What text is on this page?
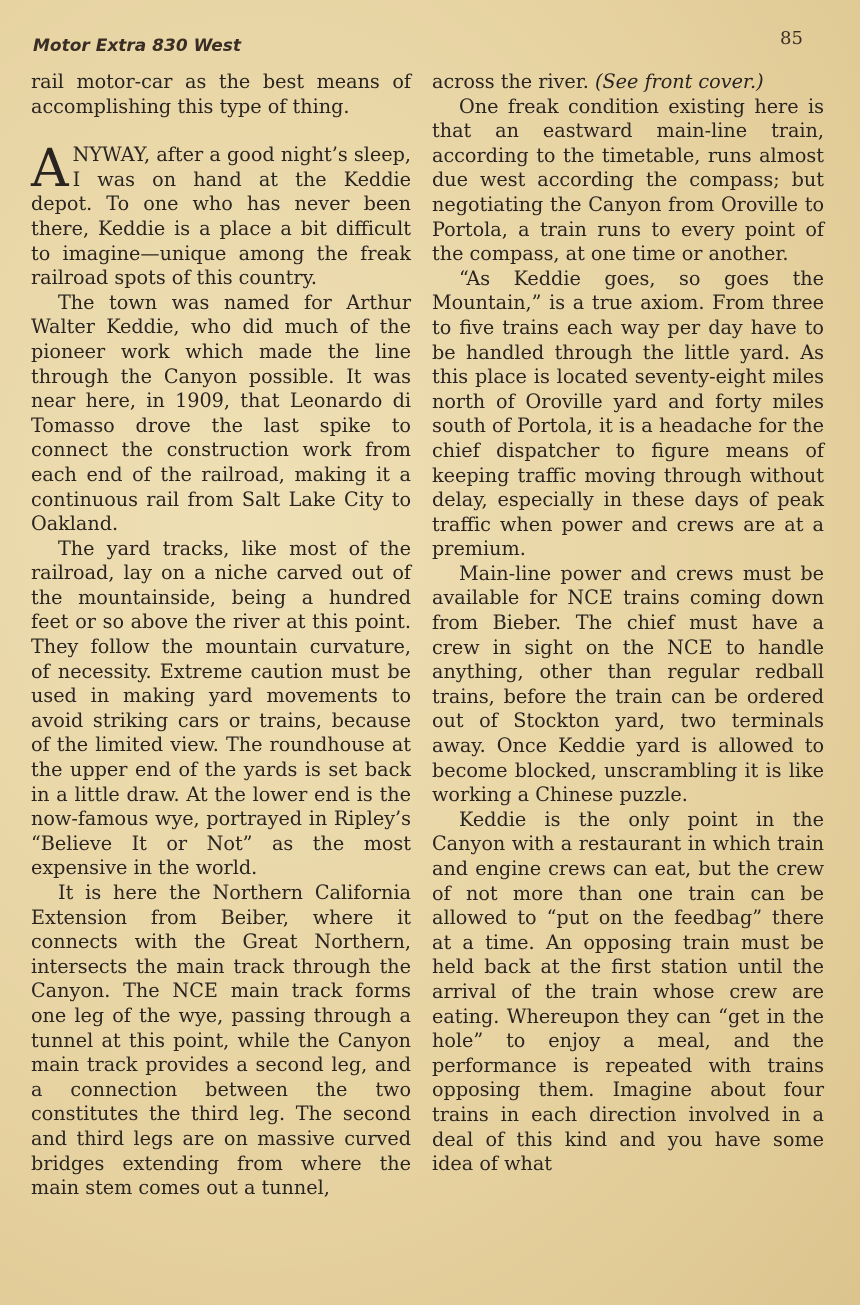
Motor Extra 830 West	85

rail motor-car as the best means of accomplishing this type of thing.

ANYWAY, after a good night’s sleep, I was on hand at the Keddie depot. To one who has never been there, Keddie is a place a bit difficult to imagine—unique among the freak railroad spots of this country.

The town was named for Arthur Walter Keddie, who did much of the pioneer work which made the line through the Canyon possible. It was near here, in 1909, that Leonardo di Tomasso drove the last spike to connect the construction work from each end of the railroad, making it a continuous rail from Salt Lake City to Oakland.

The yard tracks, like most of the railroad, lay on a niche carved out of the mountainside, being a hundred feet or so above the river at this point. They follow the mountain curvature, of necessity. Extreme caution must be used in making yard movements to avoid striking cars or trains, because of the limited view. The roundhouse at the upper end of the yards is set back in a little draw. At the lower end is the now-famous wye, portrayed in Ripley’s “Believe It or Not” as the most expensive in the world.

It is here the Northern California Extension from Beiber, where it connects with the Great Northern, intersects the main track through the Canyon. The NCE main track forms one leg of the wye, passing through a tunnel at this point, while the Canyon main track provides a second leg, and a connection between the two constitutes the third leg. The second and third legs are on massive curved bridges extending from where the main stem comes out a tunnel,

across the river. (See front cover.)

One freak condition existing here is that an eastward main-line train, according to the timetable, runs almost due west according the compass; but negotiating the Canyon from Oroville to Portola, a train runs to every point of the compass, at one time or another.

“As Keddie goes, so goes the Mountain,” is a true axiom. From three to five trains each way per day have to be handled through the little yard. As this place is located seventy-eight miles north of Oroville yard and forty miles south of Portola, it is a headache for the chief dispatcher to figure means of keeping traffic moving through without delay, especially in these days of peak traffic when power and crews are at a premium.

Main-line power and crews must be available for NCE trains coming down from Bieber. The chief must have a crew in sight on the NCE to handle anything, other than regular redball trains, before the train can be ordered out of Stockton yard, two terminals away. Once Keddie yard is allowed to become blocked, unscrambling it is like working a Chinese puzzle.

Keddie is the only point in the Canyon with a restaurant in which train and engine crews can eat, but the crew of not more than one train can be allowed to “put on the feedbag” there at a time. An opposing train must be held back at the first station until the arrival of the train whose crew are eating. Whereupon they can “get in the hole” to enjoy a meal, and the performance is repeated with trains opposing them. Imagine about four trains in each direction involved in a deal of this kind and you have some idea of what
